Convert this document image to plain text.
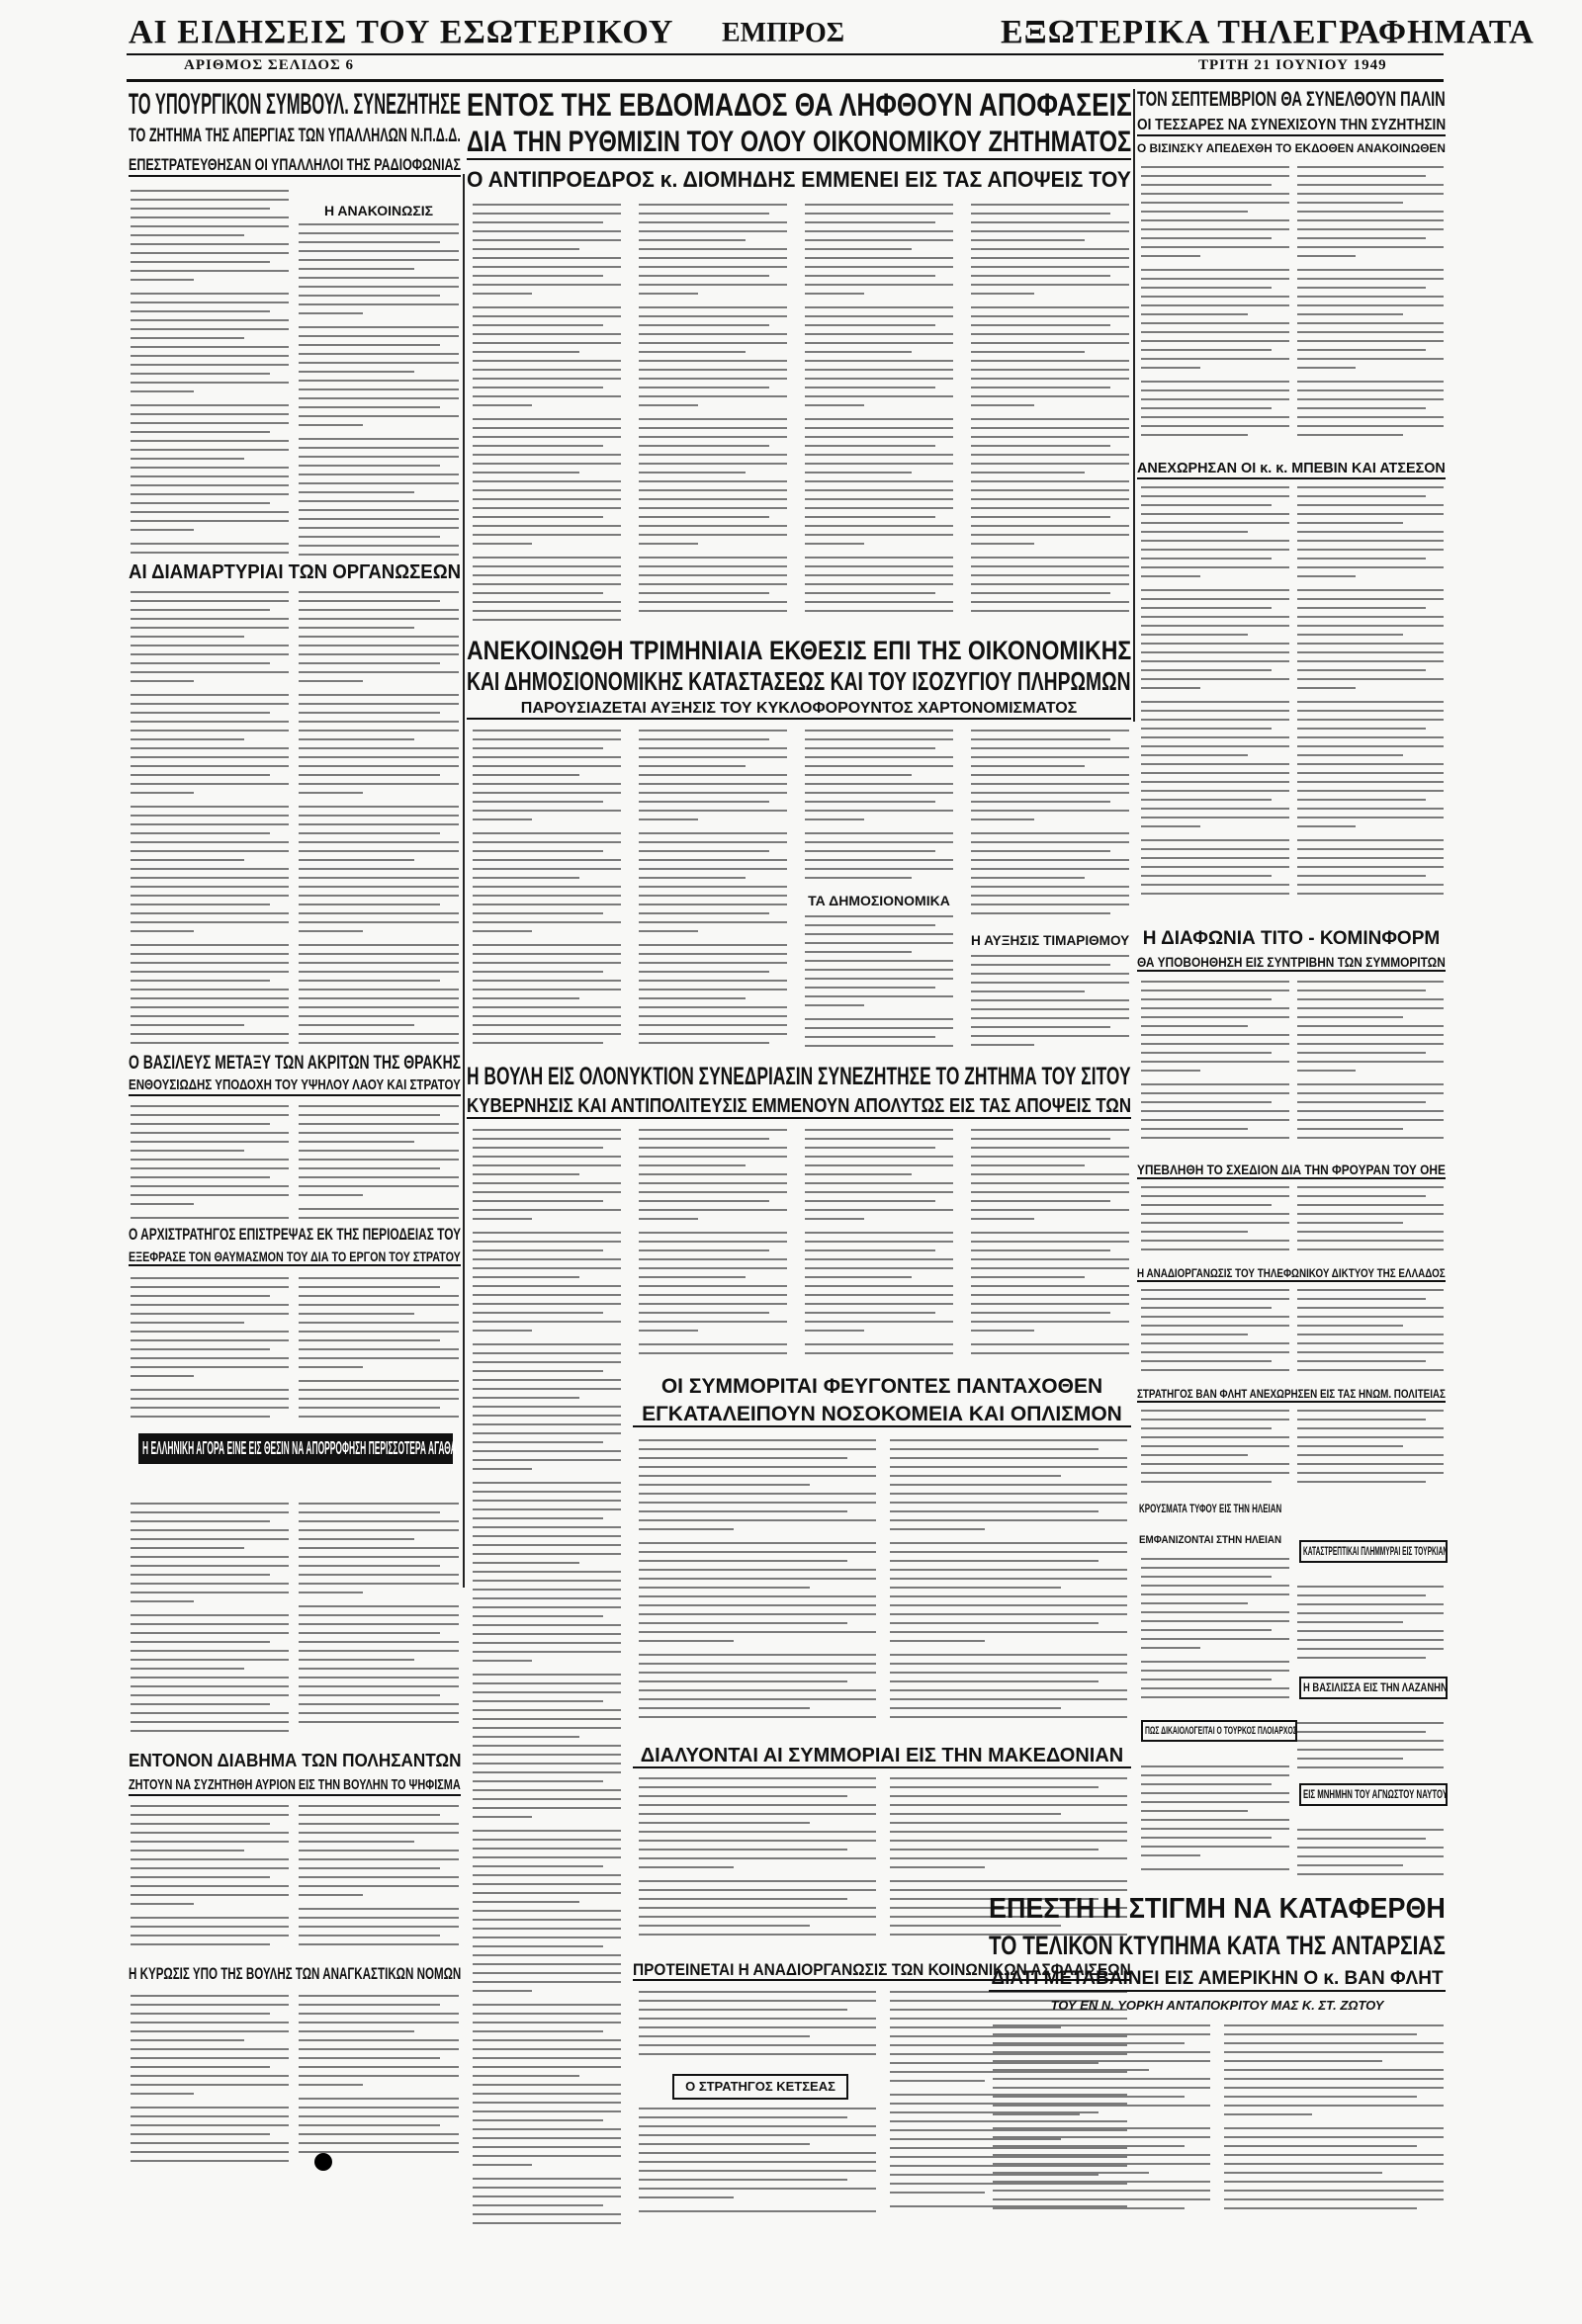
ΑΙ ΕΙΔΗΣΕΙΣ ΤΟΥ ΕΣΩΤΕΡΙΚΟΥ
ΑΡΙΘΜΟΣ ΣΕΛΙΔΟΣ 6
ΕΜΠΡΟΣ	ΕΞΩΤΕΡΙΚΑ ΤΗΛΕΓΡΑΦΗΜΑΤΑ
ΤΡΙΤΗ 21 ΙΟΥΝΙΟΥ 1949
ΤΟ ΥΠΟΥΡΓΙΚΟΝ ΣΥΜΒΟΥΛ. ΣΥΝΕΖΗΤΗΣΕ
ΤΟ ΖΗΤΗΜΑ ΤΗΣ ΑΠΕΡΓΙΑΣ ΤΩΝ ΥΠΑΛΛΗΛΩΝ Ν.Π.Δ.Δ.
ΕΠΕΣΤΡΑΤΕΥΘΗΣΑΝ ΟΙ ΥΠΑΛΛΗΛΟΙ ΤΗΣ ΡΑΔΙΟΦΩΝΙΑΣ
Η ΑΝΑΚΟΙΝΩΣΙΣ
ΑΙ ΔΙΑΜΑΡΤΥΡΙΑΙ ΤΩΝ ΟΡΓΑΝΩΣΕΩΝ
Ο ΒΑΣΙΛΕΥΣ ΜΕΤΑΞΥ ΤΩΝ ΑΚΡΙΤΩΝ ΤΗΣ ΘΡΑΚΗΣ
ΕΝΘΟΥΣΙΩΔΗΣ ΥΠΟΔΟΧΗ ΤΟΥ ΥΨΗΛΟΥ ΛΑΟΥ ΚΑΙ ΣΤΡΑΤΟΥ
Ο ΑΡΧΙΣΤΡΑΤΗΓΟΣ ΕΠΙΣΤΡΕΨΑΣ ΕΚ ΤΗΣ ΠΕΡΙΟΔΕΙΑΣ ΤΟΥ
ΕΞΕΦΡΑΣΕ ΤΟΝ ΘΑΥΜΑΣΜΟΝ ΤΟΥ ΔΙΑ ΤΟ ΕΡΓΟΝ ΤΟΥ ΣΤΡΑΤΟΥ
Η ΕΛΛΗΝΙΚΗ ΑΓΟΡΑ ΕΙΝΕ ΕΙΣ ΘΕΣΙΝ ΝΑ ΑΠΟΡΡΟΦΗΣΗ ΠΕΡΙΣΣΟΤΕΡΑ ΑΓΑΘΑ
ΕΝΤΟΝΟΝ ΔΙΑΒΗΜΑ ΤΩΝ ΠΟΛΗΣΑΝΤΩΝ
ΖΗΤΟΥΝ ΝΑ ΣΥΖΗΤΗΘΗ ΑΥΡΙΟΝ ΕΙΣ ΤΗΝ ΒΟΥΛΗΝ ΤΟ ΨΗΦΙΣΜΑ
Η ΚΥΡΩΣΙΣ ΥΠΟ ΤΗΣ ΒΟΥΛΗΣ ΤΩΝ ΑΝΑΓΚΑΣΤΙΚΩΝ ΝΟΜΩΝ
ΕΝΤΟΣ ΤΗΣ ΕΒΔΟΜΑΔΟΣ ΘΑ ΛΗΦΘΟΥΝ ΑΠΟΦΑΣΕΙΣ
ΔΙΑ ΤΗΝ ΡΥΘΜΙΣΙΝ ΤΟΥ ΟΛΟΥ ΟΙΚΟΝΟΜΙΚΟΥ ΖΗΤΗΜΑΤΟΣ
Ο ΑΝΤΙΠΡΟΕΔΡΟΣ κ. ΔΙΟΜΗΔΗΣ ΕΜΜΕΝΕΙ ΕΙΣ ΤΑΣ ΑΠΟΨΕΙΣ ΤΟΥ
ΑΝΕΚΟΙΝΩΘΗ ΤΡΙΜΗΝΙΑΙΑ ΕΚΘΕΣΙΣ ΕΠΙ ΤΗΣ ΟΙΚΟΝΟΜΙΚΗΣ
ΚΑΙ ΔΗΜΟΣΙΟΝΟΜΙΚΗΣ ΚΑΤΑΣΤΑΣΕΩΣ ΚΑΙ ΤΟΥ ΙΣΟΖΥΓΙΟΥ ΠΛΗΡΩΜΩΝ
ΠΑΡΟΥΣΙΑΖΕΤΑΙ ΑΥΞΗΣΙΣ ΤΟΥ ΚΥΚΛΟΦΟΡΟΥΝΤΟΣ ΧΑΡΤΟΝΟΜΙΣΜΑΤΟΣ
ΤΑ ΔΗΜΟΣΙΟΝΟΜΙΚΑ
Η ΑΥΞΗΣΙΣ ΤΙΜΑΡΙΘΜΟΥ
Η ΒΟΥΛΗ ΕΙΣ ΟΛΟΝΥΚΤΙΟΝ ΣΥΝΕΔΡΙΑΣΙΝ ΣΥΝΕΖΗΤΗΣΕ ΤΟ ΖΗΤΗΜΑ ΤΟΥ ΣΙΤΟΥ
ΚΥΒΕΡΝΗΣΙΣ ΚΑΙ ΑΝΤΙΠΟΛΙΤΕΥΣΙΣ ΕΜΜΕΝΟΥΝ ΑΠΟΛΥΤΩΣ ΕΙΣ ΤΑΣ ΑΠΟΨΕΙΣ ΤΩΝ
ΟΙ ΣΥΜΜΟΡΙΤΑΙ ΦΕΥΓΟΝΤΕΣ ΠΑΝΤΑΧΟΘΕΝ
ΕΓΚΑΤΑΛΕΙΠΟΥΝ ΝΟΣΟΚΟΜΕΙΑ ΚΑΙ ΟΠΛΙΣΜΟΝ
ΔΙΑΛΥΟΝΤΑΙ ΑΙ ΣΥΜΜΟΡΙΑΙ ΕΙΣ ΤΗΝ ΜΑΚΕΔΟΝΙΑΝ
ΠΡΟΤΕΙΝΕΤΑΙ Η ΑΝΑΔΙΟΡΓΑΝΩΣΙΣ ΤΩΝ ΚΟΙΝΩΝΙΚΩΝ ΑΣΦΑΛΙΣΕΩΝ
Ο ΣΤΡΑΤΗΓΟΣ ΚΕΤΣΕΑΣ
ΤΟΝ ΣΕΠΤΕΜΒΡΙΟΝ ΘΑ ΣΥΝΕΛΘΟΥΝ ΠΑΛΙΝ
ΟΙ ΤΕΣΣΑΡΕΣ ΝΑ ΣΥΝΕΧΙΣΟΥΝ ΤΗΝ ΣΥΖΗΤΗΣΙΝ
Ο ΒΙΣΙΝΣΚΥ ΑΠΕΔΕΧΘΗ ΤΟ ΕΚΔΟΘΕΝ ΑΝΑΚΟΙΝΩΘΕΝ
ΑΝΕΧΩΡΗΣΑΝ ΟΙ κ. κ. ΜΠΕΒΙΝ ΚΑΙ ΑΤΣΕΣΟΝ
Η ΔΙΑΦΩΝΙΑ ΤΙΤΟ - ΚΟΜΙΝΦΟΡΜ
ΘΑ ΥΠΟΒΟΗΘΗΣΗ ΕΙΣ ΣΥΝΤΡΙΒΗΝ ΤΩΝ ΣΥΜΜΟΡΙΤΩΝ
ΥΠΕΒΛΗΘΗ ΤΟ ΣΧΕΔΙΟΝ ΔΙΑ ΤΗΝ ΦΡΟΥΡΑΝ ΤΟΥ ΟΗΕ
Η ΑΝΑΔΙΟΡΓΑΝΩΣΙΣ ΤΟΥ ΤΗΛΕΦΩΝΙΚΟΥ ΔΙΚΤΥΟΥ ΤΗΣ ΕΛΛΑΔΟΣ
ΣΤΡΑΤΗΓΟΣ ΒΑΝ ΦΛΗΤ ΑΝΕΧΩΡΗΣΕΝ ΕΙΣ ΤΑΣ ΗΝΩΜ. ΠΟΛΙΤΕΙΑΣ
ΚΡΟΥΣΜΑΤΑ ΤΥΦΟΥ ΕΙΣ ΤΗΝ ΗΛΕΙΑΝ
ΕΜΦΑΝΙΖΟΝΤΑΙ ΣΤΗΝ ΗΛΕΙΑΝ
ΚΑΤΑΣΤΡΕΠΤΙΚΑΙ ΠΛΗΜΜΥΡΑΙ ΕΙΣ ΤΟΥΡΚΙΑΝ
Η ΒΑΣΙΛΙΣΣΑ ΕΙΣ ΤΗΝ ΛΑΖΑΝΗΝ
ΕΙΣ ΜΝΗΜΗΝ ΤΟΥ ΑΓΝΩΣΤΟΥ ΝΑΥΤΟΥ
ΠΩΣ ΔΙΚΑΙΟΛΟΓΕΙΤΑΙ Ο ΤΟΥΡΚΟΣ ΠΛΟΙΑΡΧΟΣ
ΕΠΕΣΤΗ Η ΣΤΙΓΜΗ ΝΑ ΚΑΤΑΦΕΡΘΗ
ΤΟ ΤΕΛΙΚΟΝ ΚΤΥΠΗΜΑ ΚΑΤΑ ΤΗΣ ΑΝΤΑΡΣΙΑΣ
ΔΙΑΤΙ ΜΕΤΑΒΑΙΝΕΙ ΕΙΣ ΑΜΕΡΙΚΗΝ Ο κ. ΒΑΝ ΦΛΗΤ
ΤΟΥ ΕΝ Ν. ΥΟΡΚΗ ΑΝΤΑΠΟΚΡΙΤΟΥ ΜΑΣ Κ. ΣΤ. ΖΩΤΟΥ
